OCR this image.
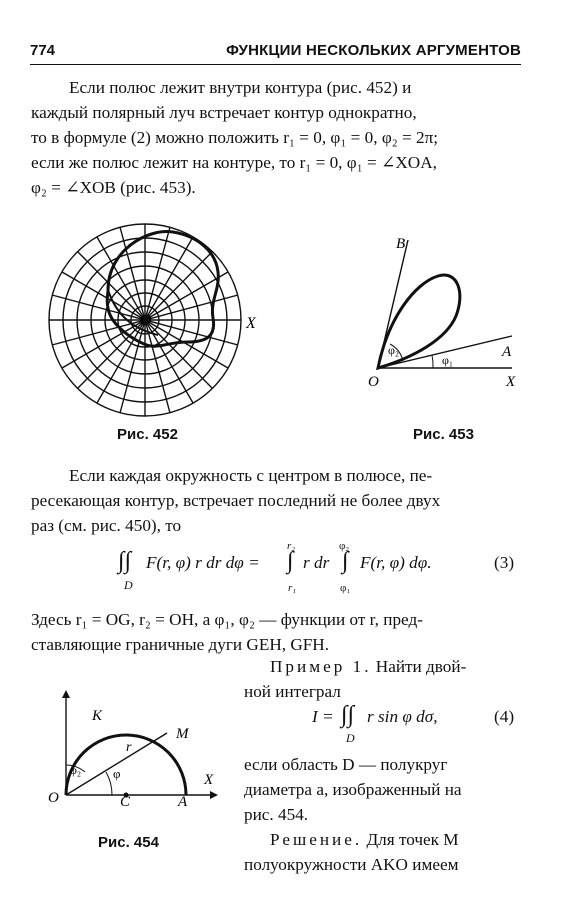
774	ФУНКЦИИ НЕСКОЛЬКИХ АРГУМЕНТОВ
Если полюс лежит внутри контура (рис. 452) и
каждый полярный луч встречает контур однократно,
то в формуле (2) можно положить r₁ = 0, φ₁ = 0, φ₂ = 2π;
если же полюс лежит на контуре, то r₁ = 0, φ₁ = ∠XOA,
φ₂ = ∠XOB (рис. 453).
O	X
Рис. 452
B
A
O	X
φ₂
φ₁
Рис. 453
Если каждая окружность с центром в полюсе, пе-
ресекающая контур, встречает последний не более двух
раз (см. рис. 450), то
∫∫
D
F(r, φ) r dr dφ =
r₂
∫
r₁
r dr
φ₂
∫
φ₁
F(r, φ) dφ.	(3)
Здесь r₁ = OG, r₂ = OH, а φ₁, φ₂ — функции от r, пред-
ставляющие граничные дуги GEH, GFH.
Пример 1. Найти двой-
ной интеграл
I = ∫∫
D
r sin φ dσ,	(4)
если область D — полукруг
диаметра a, изображенный на
рис. 454.
Решение. Для точек M
полуокружности AKO имеем
K
M
r
φ₂ φ
O	C	A
X
Рис. 454
